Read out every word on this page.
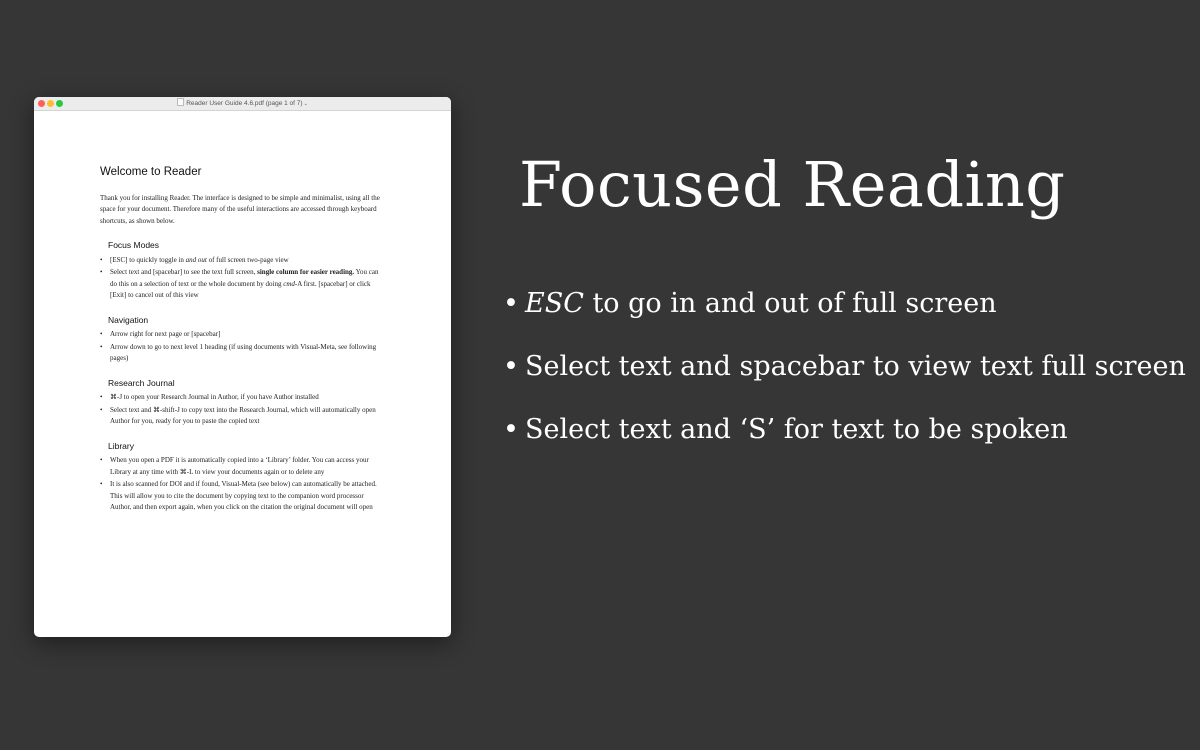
Reader User Guide 4.6.pdf (page 1 of 7)⌄
Welcome to Reader

Thank you for installing Reader. The interface is designed to be simple and minimalist, using all the space for your document. Therefore many of the useful interactions are accessed through keyboard shortcuts, as shown below.

Focus Modes
• [ESC] to quickly toggle in and out of full screen two-page view
• Select text and [spacebar] to see the text full screen, single column for easier reading. You can do this on a selection of text or the whole document by doing cmd-A first. [spacebar] or click [Exit] to cancel out of this view
Navigation
• Arrow right for next page or [spacebar]
• Arrow down to go to next level 1 heading (if using documents with Visual-Meta, see following pages)
Research Journal
• ⌘-J to open your Research Journal in Author, if you have Author installed
• Select text and ⌘-shift-J to copy text into the Research Journal, which will automatically open Author for you, ready for you to paste the copied text
Library
• When you open a PDF it is automatically copied into a ‘Library’ folder. You can access your Library at any time with ⌘-L to view your documents again or to delete any
• It is also scanned for DOI and if found, Visual-Meta (see below) can automatically be attached. This will allow you to cite the document by copying text to the companion word processor Author, and then export again, when you click on the citation the original document will open
Focused Reading
• ESC to go in and out of full screen
• Select text and spacebar to view text full screen
• Select text and ‘S’ for text to be spoken
